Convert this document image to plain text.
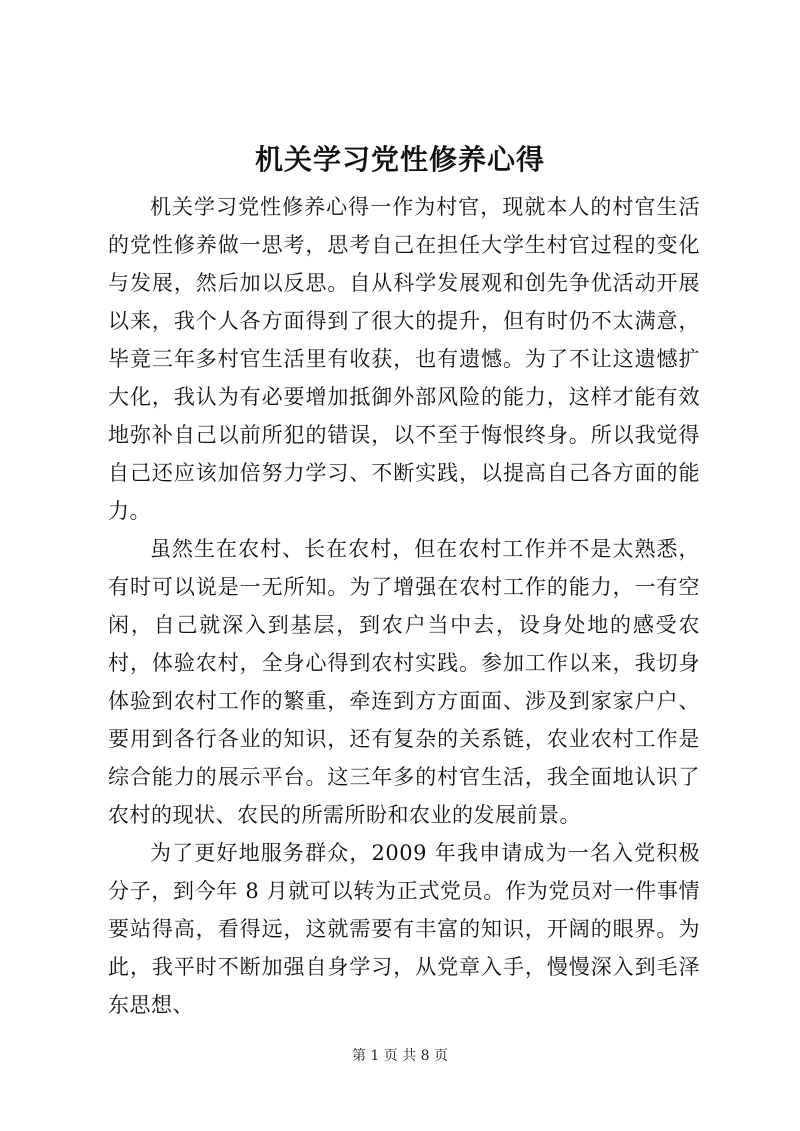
机关学习党性修养心得

机关学习党性修养心得一作为村官，现就本人的村官生活的党性修养做一思考，思考自己在担任大学生村官过程的变化与发展，然后加以反思。自从科学发展观和创先争优活动开展以来，我个人各方面得到了很大的提升，但有时仍不太满意，毕竟三年多村官生活里有收获，也有遗憾。为了不让这遗憾扩大化，我认为有必要增加抵御外部风险的能力，这样才能有效地弥补自己以前所犯的错误，以不至于悔恨终身。所以我觉得自己还应该加倍努力学习、不断实践，以提高自己各方面的能力。

虽然生在农村、长在农村，但在农村工作并不是太熟悉，有时可以说是一无所知。为了增强在农村工作的能力，一有空闲，自己就深入到基层，到农户当中去，设身处地的感受农村，体验农村，全身心得到农村实践。参加工作以来，我切身体验到农村工作的繁重，牵连到方方面面、涉及到家家户户、要用到各行各业的知识，还有复杂的关系链，农业农村工作是综合能力的展示平台。这三年多的村官生活，我全面地认识了农村的现状、农民的所需所盼和农业的发展前景。

为了更好地服务群众，2009 年我申请成为一名入党积极分子，到今年 8 月就可以转为正式党员。作为党员对一件事情要站得高，看得远，这就需要有丰富的知识，开阔的眼界。为此，我平时不断加强自身学习，从党章入手，慢慢深入到毛泽东思想、

第 1 页 共 8 页
